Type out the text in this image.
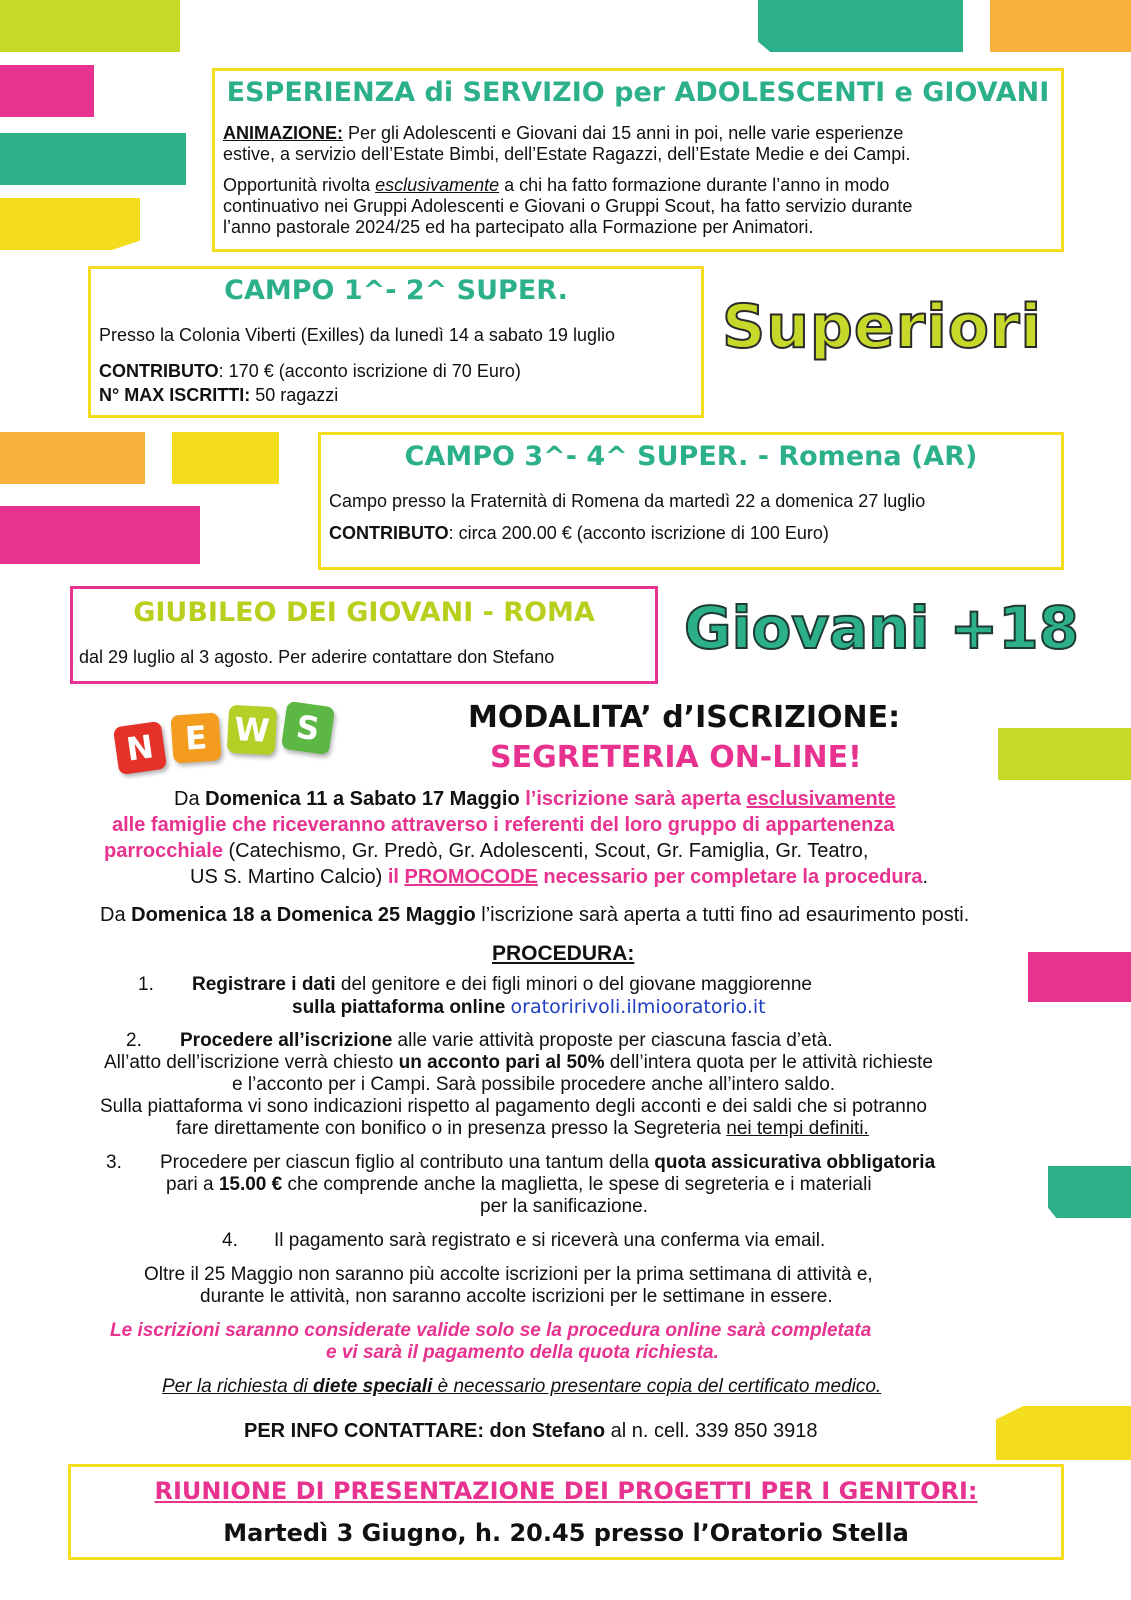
ESPERIENZA di SERVIZIO per ADOLESCENTI e GIOVANI
ANIMAZIONE: Per gli Adolescenti e Giovani dai 15 anni in poi, nelle varie esperienze
estive, a servizio dell’Estate Bimbi, dell’Estate Ragazzi, dell’Estate Medie e dei Campi.
Opportunità rivolta esclusivamente a chi ha fatto formazione durante l’anno in modo
continuativo nei Gruppi Adolescenti e Giovani o Gruppi Scout, ha fatto servizio durante
l’anno pastorale 2024/25 ed ha partecipato alla Formazione per Animatori.
CAMPO 1^- 2^ SUPER.
Presso la Colonia Viberti (Exilles) da lunedì 14 a sabato 19 luglio
CONTRIBUTO: 170 € (acconto iscrizione di 70 Euro)
N° MAX ISCRITTI: 50 ragazzi
Superiori
CAMPO 3^- 4^ SUPER. - Romena (AR)
Campo presso la Fraternità di Romena da martedì 22 a domenica 27 luglio
CONTRIBUTO: circa 200.00 € (acconto iscrizione di 100 Euro)
GIUBILEO DEI GIOVANI - ROMA
dal 29 luglio al 3 agosto. Per aderire contattare don Stefano Giovani +18
N E W S	MODALITA’ d’ISCRIZIONE:
SEGRETERIA ON-LINE!
Da Domenica 11 a Sabato 17 Maggio l’iscrizione sarà aperta esclusivamente
alle famiglie che riceveranno attraverso i referenti del loro gruppo di appartenenza
parrocchiale (Catechismo, Gr. Predò, Gr. Adolescenti, Scout, Gr. Famiglia, Gr. Teatro,
US S. Martino Calcio) il PROMOCODE necessario per completare la procedura.
Da Domenica 18 a Domenica 25 Maggio l’iscrizione sarà aperta a tutti fino ad esaurimento posti.
PROCEDURA:
1. Registrare i dati del genitore e dei figli minori o del giovane maggiorenne
sulla piattaforma online oratoririvoli.ilmiooratorio.it
2. Procedere all’iscrizione alle varie attività proposte per ciascuna fascia d’età.
All’atto dell’iscrizione verrà chiesto un acconto pari al 50% dell’intera quota per le attività richieste
e l’acconto per i Campi. Sarà possibile procedere anche all’intero saldo.
Sulla piattaforma vi sono indicazioni rispetto al pagamento degli acconti e dei saldi che si potranno
fare direttamente con bonifico o in presenza presso la Segreteria nei tempi definiti.
3. Procedere per ciascun figlio al contributo una tantum della quota assicurativa obbligatoria
pari a 15.00 € che comprende anche la maglietta, le spese di segreteria e i materiali
per la sanificazione.
4. Il pagamento sarà registrato e si riceverà una conferma via email.
Oltre il 25 Maggio non saranno più accolte iscrizioni per la prima settimana di attività e,
durante le attività, non saranno accolte iscrizioni per le settimane in essere.
Le iscrizioni saranno considerate valide solo se la procedura online sarà completata
e vi sarà il pagamento della quota richiesta.
Per la richiesta di diete speciali è necessario presentare copia del certificato medico.
PER INFO CONTATTARE: don Stefano al n. cell. 339 850 3918
RIUNIONE DI PRESENTAZIONE DEI PROGETTI PER I GENITORI:
Martedì 3 Giugno, h. 20.45 presso l’Oratorio Stella
